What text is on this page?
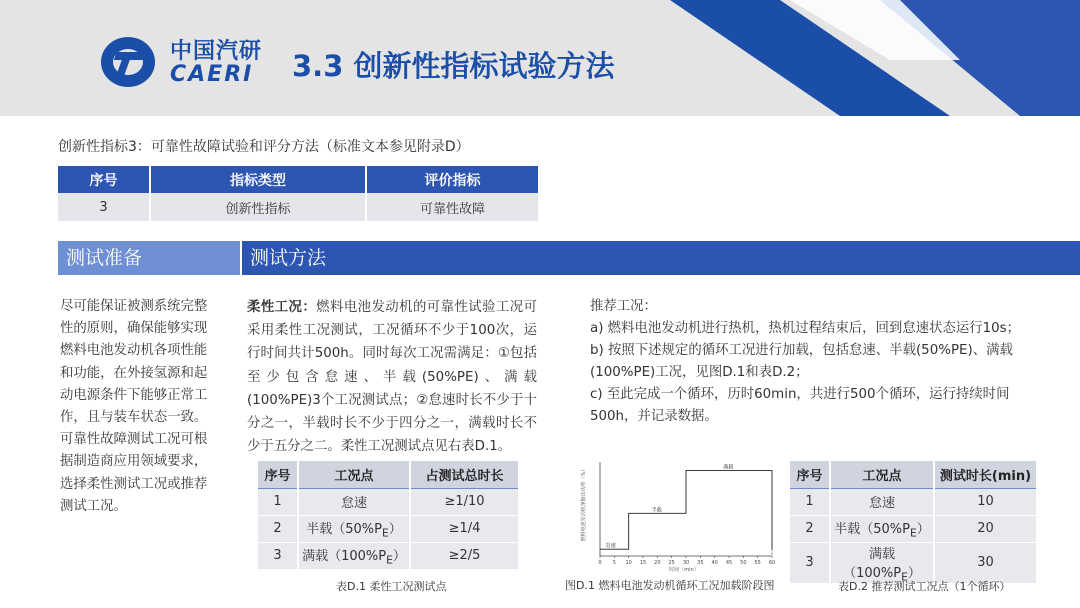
中国汽研
CAERI 3.3 创新性指标试验方法
创新性指标3：可靠性故障试验和评分方法（标准文本参见附录D）
序号	指标类型	评价指标
3	创新性指标	可靠性故障
测试准备	测试方法
尽可能保证被测系统完整性的原则，确保能够实现燃料电池发动机各项性能和功能，在外接氢源和起动电源条件下能够正常工作，且与装车状态一致。可靠性故障测试工况可根据制造商应用领域要求，选择柔性测试工况或推荐测试工况。
柔性工况：燃料电池发动机的可靠性试验工况可采用柔性工况测试，工况循环不少于100次，运行时间共计500h。同时每次工况需满足：①包括至少包含怠速、半载(50%PE)、满载(100%PE)3个工况测试点；②怠速时长不少于十分之一，半载时长不少于四分之一，满载时长不少于五分之二。柔性工况测试点见右表D.1。
推荐工况：
a) 燃料电池发动机进行热机，热机过程结束后，回到怠速状态运行10s；
b) 按照下述规定的循环工况进行加载，包括怠速、半载(50%PE)、满载(100%PE)工况，见图D.1和表D.2；
c) 至此完成一个循环，历时60min，共进行500个循环，运行持续时间500h，并记录数据。
序号	工况点	占测试总时长
1	怠速	≥1/10
2	半载$(50\%P_E)$	≥1/4
3	满载$(100\%P_E)$	≥2/5
表D.1 柔性工况测试点
燃料电池发动机净输出功率（%）
时间（min）
0 5 10 15 20 25 30 35 40 45 50 55 60
怠速
半载
满载
图D.1 燃料电池发动机循环工况加载阶段图
序号	工况点	测试时长(min)
1	怠速	10
2	半载$(50\%P_E)$	20
3	满载$(100\%P_E)$	30
表D.2 推荐测试工况点（1个循环）
